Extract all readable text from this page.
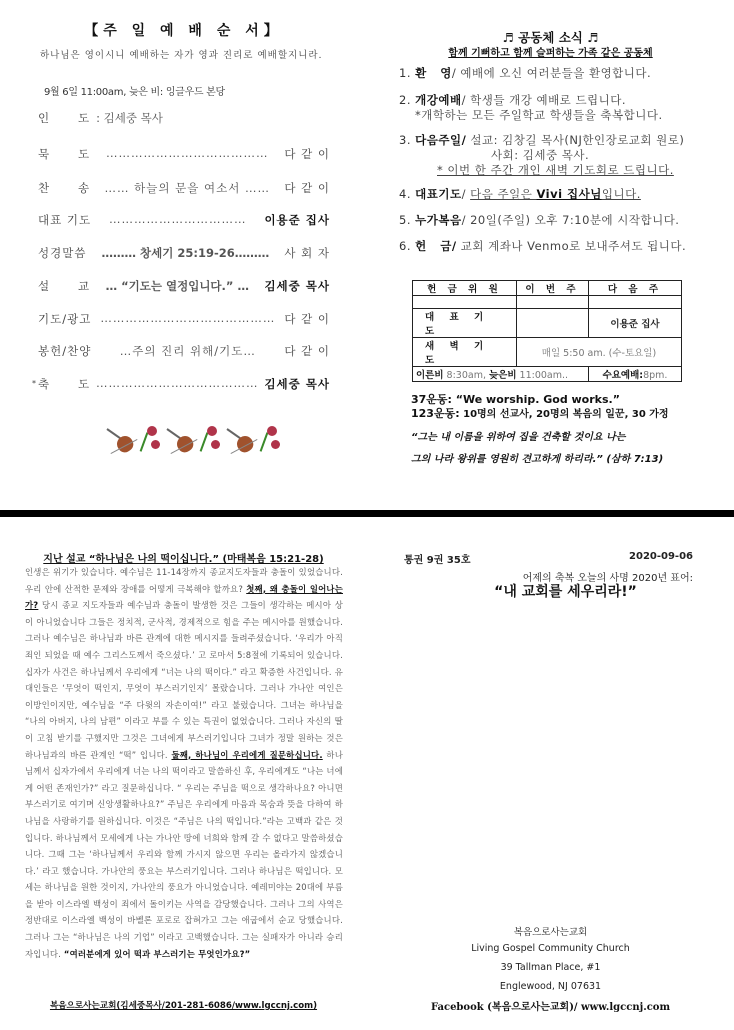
【주 일 예 배 순 서】
하나님은 영이시니 예배하는 자가 영과 진리로 예배할지니라.
9월 6일 11:00am, 늦은 비: 잉글우드 본당
인      도 : 김세중 목사
묵      도	…………………………………	다 같 이
찬      송	…… 하늘의 문을 여소서 ……	다 같 이
대표 기도	……………………………	이용준 집사
성경말씀	……… 창세기 25:19-26………	사 회 자
설      교	… “기도는 열정입니다.” …	김세중 목사
기도/광고 …………………………………… 다 같 이
봉헌/찬양	…주의 진리 위해/기도…	다 같 이
* 축      도 ………………………………… 김세중 목사
♬ 공동체 소식 ♬
함께 기뻐하고 함께 슬퍼하는 가족 같은 공동체
1. 환   영/ 예배에 오신 여러분들을 환영합니다.
2. 개강예배/ 학생들 개강 예배로 드립니다.
*개학하는 모든 주일학교 학생들을 축복합니다.
3. 다음주일/ 설교: 김창길 목사(NJ한인장로교회 원로)
사회: 김세중 목사.
* 이번 한 주간 개인 새벽 기도회로 드립니다.
4. 대표기도/ 다음 주일은 Vivi 집사님입니다.
5. 누가복음/ 20일(주일) 오후 7:10분에 시작합니다.
6. 헌   금/ 교회 계좌나 Venmo로 보내주셔도 됩니다.
헌 금 위 원	이 번 주	다 음 주

대 표 기 도		이용준 집사
새 벽 기 도	매일 5:50 am. (수-토요일)	
이른비 8:30am, 늦은비 11:00am..		수요예배:8pm.
37운동: “We worship. God works.”
123운동: 10명의 선교사, 20명의 복음의 일꾼, 30 가정
“그는 내 이름을 위하여 집을 건축할 것이요 나는
그의 나라 왕위를 영원히 견고하게 하리라.” (삼하 7:13)
지난 설교 “하나님은 나의 떡이십니다.” (마태복음 15:21-28)
인생은 위기가 있습니다. 예수님은 11-14장까지 종교지도자들과 충돌이 있었습니다. 우리 안에 산적한 문제와 장애를 어떻게 극복해야 할까요? 첫째, 왜 충돌이 일어나는가? 당시 종교 지도자들과 예수님과 충돌이 발생한 것은 그들이 생각하는 메시아 상이 아니었습니다 그들은 정치적, 군사적, 경제적으로 힘을 주는 메시아를 원했습니다. 그러나 예수님은 하나님과 바른 관계에 대한 메시지를 들려주셨습니다. ‘우리가 아직 죄인 되었을 때 예수 그리스도께서 죽으셨다.’ 고 로마서 5:8절에 기록되어 있습니다. 십자가 사건은 하나님께서 우리에게 “너는 나의 떡이다.” 라고 확증한 사건입니다. 유대인들은 ‘무엇이 떡인지, 무엇이 부스러기인지’ 몰랐습니다. 그러나 가나안 여인은 이방인이지만, 예수님을 “주 다윗의 자손이여!” 라고 불렀습니다. 그녀는 하나님을 “나의 아버지, 나의 남편” 이라고 부를 수 있는 특권이 없었습니다. 그러나 자신의 딸이 고침 받기를 구했지만 그것은 그녀에게 부스러기입니다 그녀가 정말 원하는 것은 하나님과의 바른 관계인 “떡” 입니다. 둘째, 하나님이 우리에게 질문하십니다. 하나님께서 십자가에서 우리에게 너는 나의 떡이라고 말씀하신 후, 우리에게도 “나는 너에게 어떤 존재인가?” 라고 질문하십니다. “ 우리는 주님을 떡으로 생각하나요? 아니면 부스러기로 여기며 신앙생활하나요?” 주님은 우리에게 마음과 목숨과 뜻을 다하여 하나님을 사랑하기를 원하십니다. 이것은 “주님은 나의 떡입니다.”라는 고백과 같은 것입니다. 하나님께서 모세에게 나는 가나안 땅에 너희와 함께 갈 수 없다고 말씀하셨습니다. 그때 그는 ‘하나님께서 우리와 함께 가시지 않으면 우리는 올라가지 않겠습니다.’ 라고 했습니다. 가나안의 풍요는 부스러기입니다. 그러나 하나님은 떡입니다. 모세는 하나님을 원한 것이지, 가나안의 풍요가 아니었습니다. 예레미야는 20대에 부름을 받아 이스라엘 백성이 죄에서 돌이키는 사역을 감당했습니다. 그러나 그의 사역은 정반대로 이스라엘 백성이 바벨론 포로로 잡혀가고 그는 애굽에서 순교 당했습니다. 그러나 그는 “하나님은 나의 기업” 이라고 고백했습니다. 그는 실패자가 아니라 승리자입니다. “여러분에게 있어 떡과 부스러기는 무엇인가요?”
복음으로사는교회(김세중목사/201-281-6086/www.lgccnj.com)
통권 9권 35호	2020-09-06
어제의 축복 오늘의 사명 2020년 표어:
“내 교회를 세우리라!”
복음으로사는교회
Living Gospel Community Church
39 Tallman Place, #1
Englewood, NJ 07631
Facebook (복음으로사는교회)/ www.lgccnj.com
